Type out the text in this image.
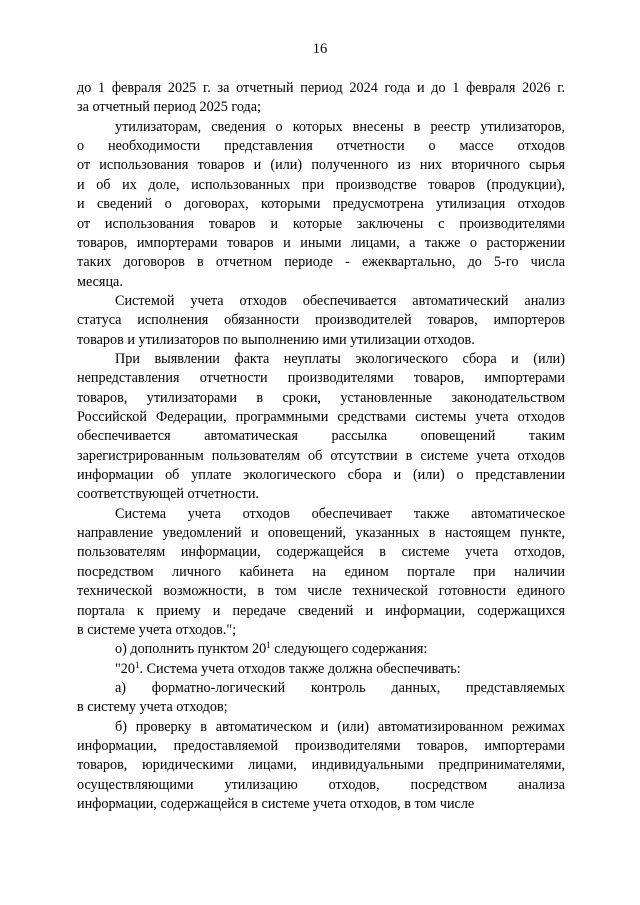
16
до 1 февраля 2025 г. за отчетный период 2024 года и до 1 февраля 2026 г.
за отчетный период 2025 года;
утилизаторам, сведения о которых внесены в реестр утилизаторов,
о необходимости представления отчетности о массе отходов
от использования товаров и (или) полученного из них вторичного сырья
и об их доле, использованных при производстве товаров (продукции),
и сведений о договорах, которыми предусмотрена утилизация отходов
от использования товаров и которые заключены с производителями
товаров, импортерами товаров и иными лицами, а также о расторжении
таких договоров в отчетном периоде - ежеквартально, до 5-го числа
месяца.
Системой учета отходов обеспечивается автоматический анализ
статуса исполнения обязанности производителей товаров, импортеров
товаров и утилизаторов по выполнению ими утилизации отходов.
При выявлении факта неуплаты экологического сбора и (или)
непредставления отчетности производителями товаров, импортерами
товаров, утилизаторами в сроки, установленные законодательством
Российской Федерации, программными средствами системы учета отходов
обеспечивается автоматическая рассылка оповещений таким
зарегистрированным пользователям об отсутствии в системе учета отходов
информации об уплате экологического сбора и (или) о представлении
соответствующей отчетности.
Система учета отходов обеспечивает также автоматическое
направление уведомлений и оповещений, указанных в настоящем пункте,
пользователям информации, содержащейся в системе учета отходов,
посредством личного кабинета на едином портале при наличии
технической возможности, в том числе технической готовности единого
портала к приему и передаче сведений и информации, содержащихся
в системе учета отходов.";
о) дополнить пунктом $20^1$ следующего содержания:
"$20^1$. Система учета отходов также должна обеспечивать:
а) форматно-логический контроль данных, представляемых
в систему учета отходов;
б) проверку в автоматическом и (или) автоматизированном режимах
информации, предоставляемой производителями товаров, импортерами
товаров, юридическими лицами, индивидуальными предпринимателями,
осуществляющими утилизацию отходов, посредством анализа
информации, содержащейся в системе учета отходов, в том числе
